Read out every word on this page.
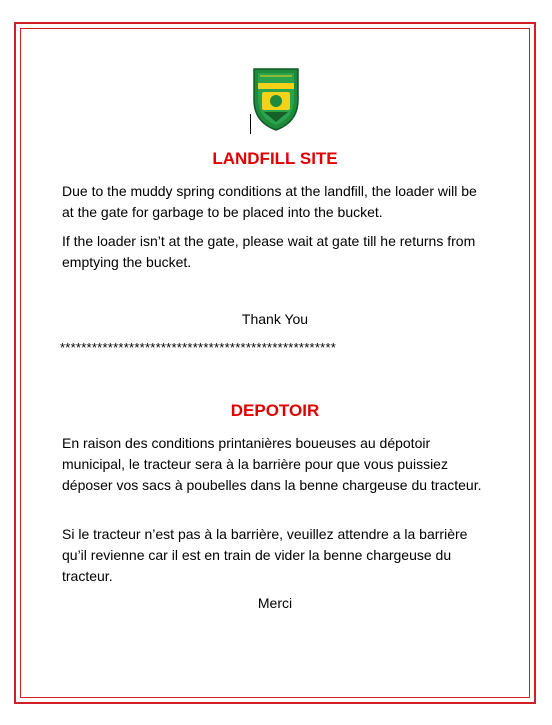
LANDFILL SITE
Due to the muddy spring conditions at the landfill, the loader will be at the gate for garbage to be placed into the bucket.
If the loader isn’t at the gate, please wait at gate till he returns from emptying the bucket.
Thank You
****************************************************
DEPOTOIR
En raison des conditions printanières boueuses au dépotoir municipal, le tracteur sera à la barrière pour que vous puissiez déposer vos sacs à poubelles dans la benne chargeuse du tracteur.
Si le tracteur n’est pas à la barrière, veuillez attendre a la barrière qu’il revienne car il est en train de vider la benne chargeuse du tracteur.
Merci
